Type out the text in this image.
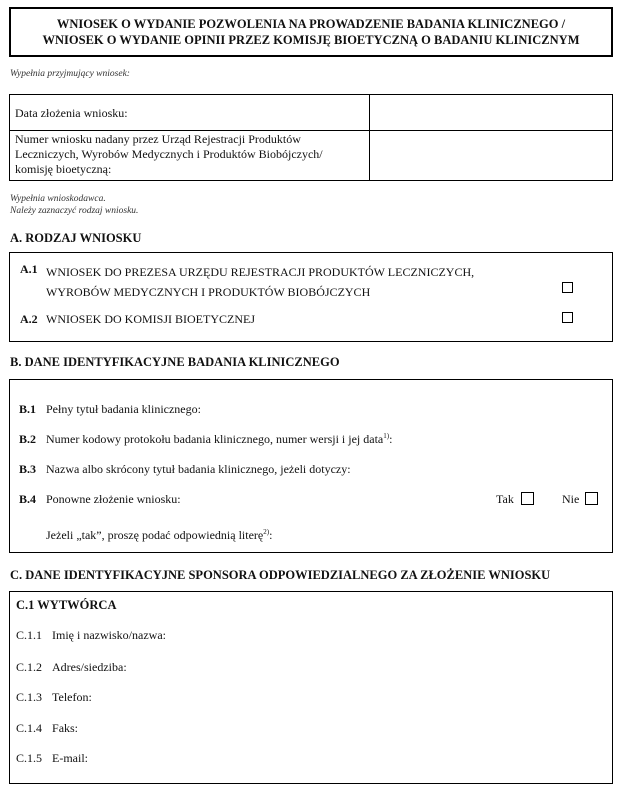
WNIOSEK O WYDANIE POZWOLENIA NA PROWADZENIE BADANIA KLINICZNEGO /
WNIOSEK O WYDANIE OPINII PRZEZ KOMISJĘ BIOETYCZNĄ O BADANIU KLINICZNYM
Wypełnia przyjmujący wniosek:
Data złożenia wniosku:
Numer wniosku nadany przez Urząd Rejestracji Produktów
Leczniczych, Wyrobów Medycznych i Produktów Biobójczych/
komisję bioetyczną:
Wypełnia wnioskodawca.
Należy zaznaczyć rodzaj wniosku.
A. RODZAJ WNIOSKU
A.1 WNIOSEK DO PREZESA URZĘDU REJESTRACJI PRODUKTÓW LECZNICZYCH,
WYROBÓW MEDYCZNYCH I PRODUKTÓW BIOBÓJCZYCH
A.2 WNIOSEK DO KOMISJI BIOETYCZNEJ
B. DANE IDENTYFIKACYJNE BADANIA KLINICZNEGO
B.1 Pełny tytuł badania klinicznego:
B.2 Numer kodowy protokołu badania klinicznego, numer wersji i jej data$^{1)}$:
B.3 Nazwa albo skrócony tytuł badania klinicznego, jeżeli dotyczy:
B.4 Ponowne złożenie wniosku:	Tak	Nie
Jeżeli „tak”, proszę podać odpowiednią literę$^{2)}$:
C. DANE IDENTYFIKACYJNE SPONSORA ODPOWIEDZIALNEGO ZA ZŁOŻENIE WNIOSKU
C.1 WYTWÓRCA
C.1.1 Imię i nazwisko/nazwa:
C.1.2 Adres/siedziba:
C.1.3 Telefon:
C.1.4 Faks:
C.1.5 E-mail:
